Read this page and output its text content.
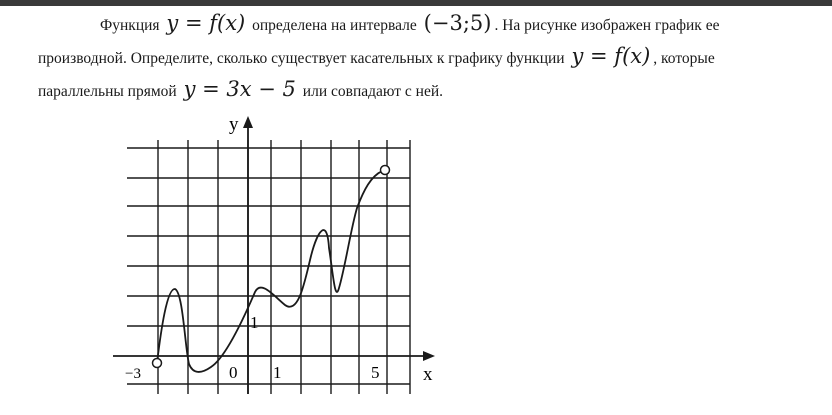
Функция y = f(x) определена на интервале (−3;5) . На рисунке изображен график ее
производной. Определите, сколько существует касательных к графику функции y = f(x) , которые
параллельны прямой y = 3x − 5 или совпадают с ней.
y
x
0 1
1
5
−3
